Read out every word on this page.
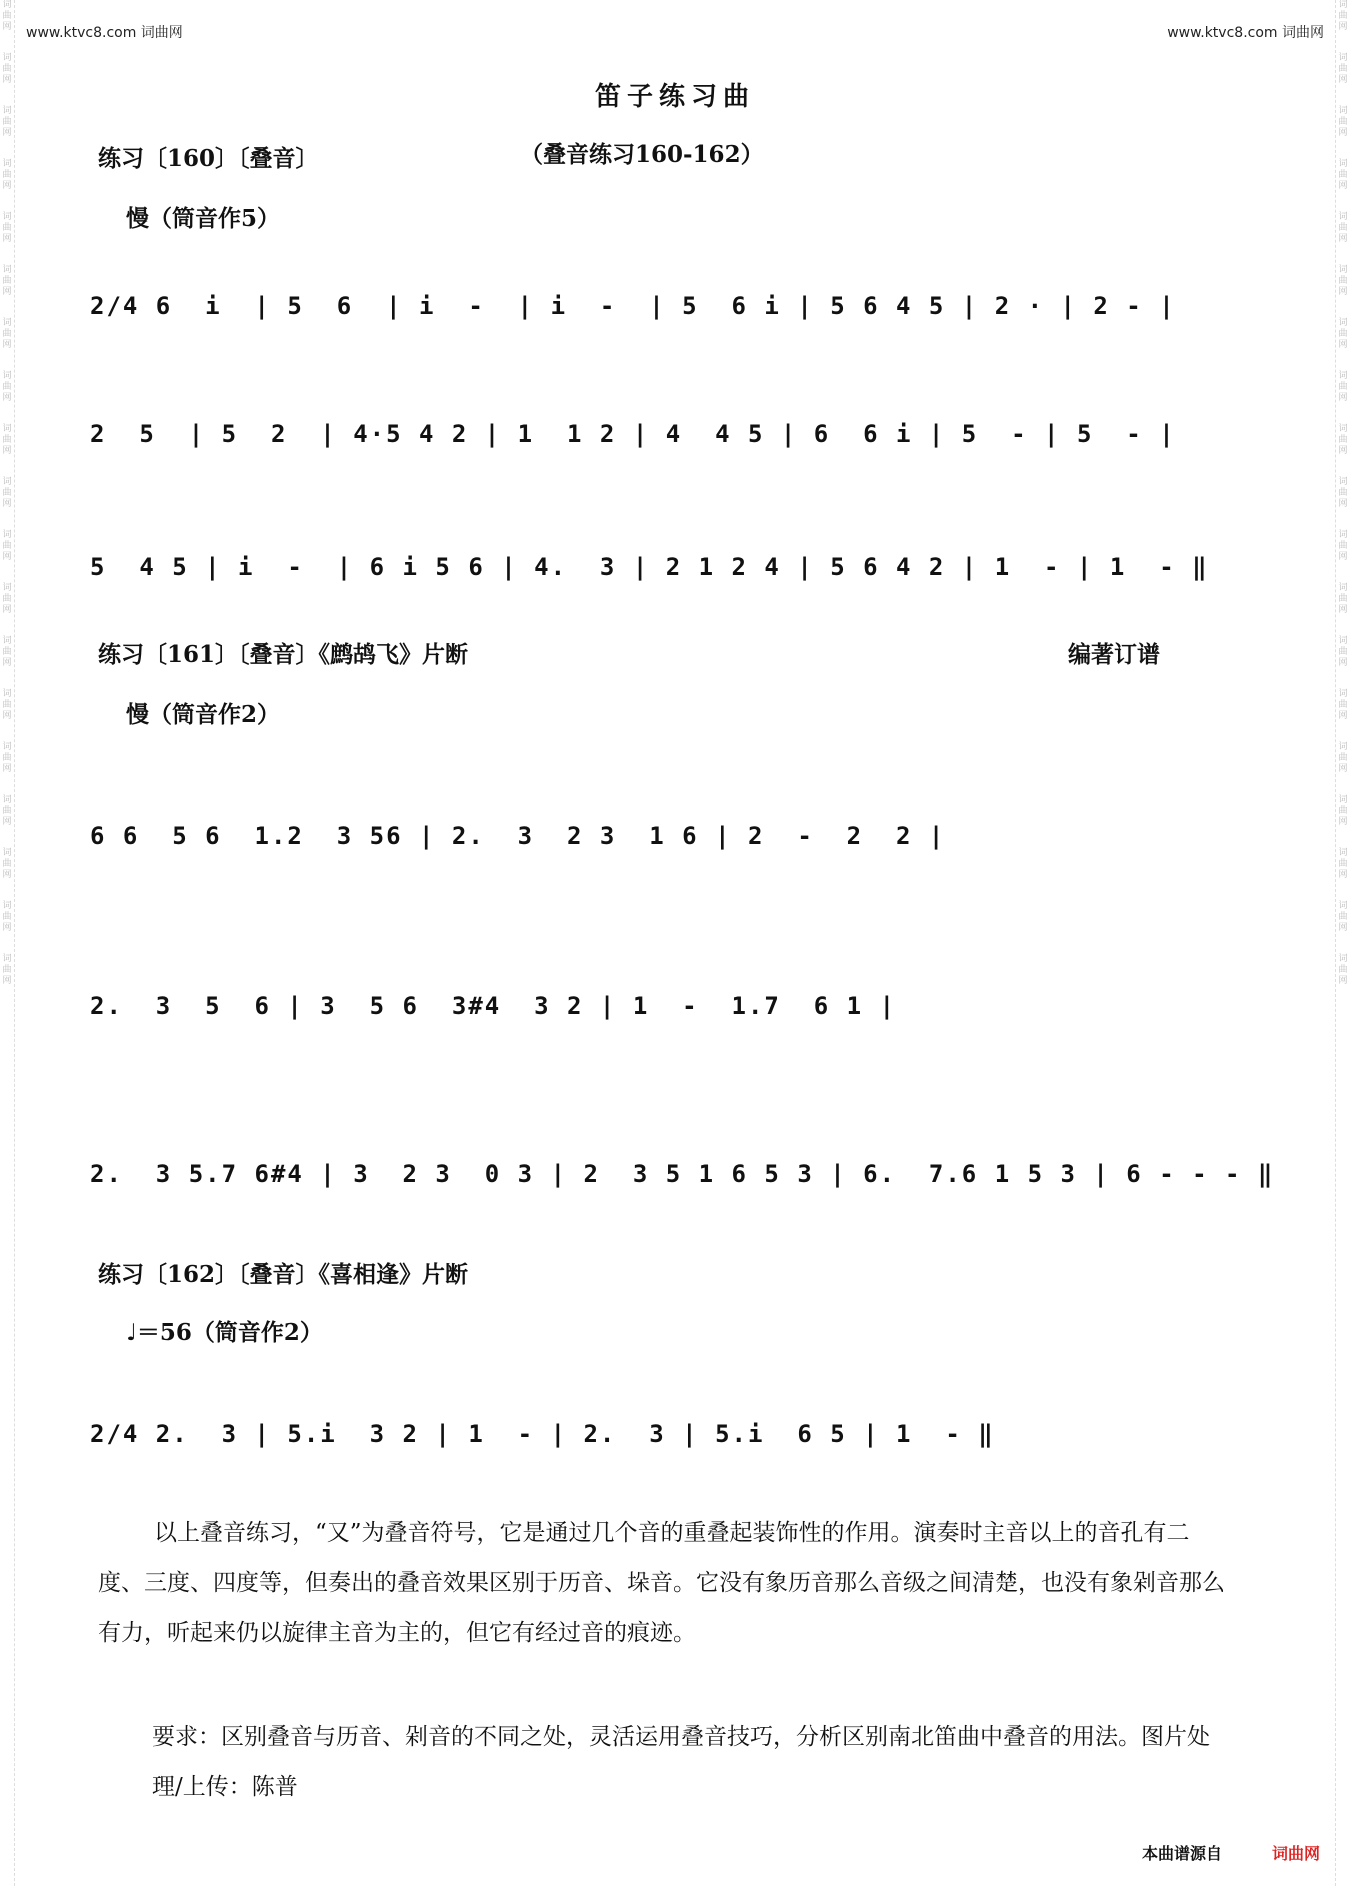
词
曲
网
词
曲
网
词
曲
网
词
曲
网
词
曲
网
词
曲
网
词
曲
网
词
曲
网
词
曲
网
词
曲
网
词
曲
网
词
曲
网
词
曲
网
词
曲
网
词
曲
网
词
曲
网
词
曲
网
词
曲
网
词
曲
网
词
曲
网
词
曲
网
词
曲
网
词
曲
网
词
曲
网
词
曲
网
词
曲
网
词
曲
网
词
曲
网
词
曲
网
词
曲
网
词
曲
网
词
曲
网
词
曲
网
词
曲
网
词
曲
网
词
曲
网
词
曲
网
词
曲
网
www.ktvc8.com 词曲网	www.ktvc8.com 词曲网
笛子练习曲
练习〔160〕〔叠音〕	（叠音练习160-162）
慢（筒音作5）
2/4 6  i  | 5  6  | i  -  | i  -  | 5  6 i | 5 6 4 5 | 2 · | 2 - |
2  5  | 5  2  | 4·5 4 2 | 1  1 2 | 4  4 5 | 6  6 i | 5  - | 5  - |
5  4 5 | i  -  | 6 i 5 6 | 4.  3 | 2 1 2 4 | 5 6 4 2 | 1  - | 1  - ‖
练习〔161〕〔叠音〕《鹧鸪飞》片断	编著订谱
慢（筒音作2）
6 6  5 6  1.2  3 56 | 2.  3  2 3  1 6 | 2  -  2  2 |
2.  3  5  6 | 3  5 6  3#4  3 2 | 1  -  1.7  6 1 |
2.  3 5.7 6#4 | 3  2 3  0 3 | 2  3 5 1 6 5 3 | 6.  7.6 1 5 3 | 6 - - - ‖
练习〔162〕〔叠音〕《喜相逢》片断
♩＝56（筒音作2）
2/4 2.  3 | 5.i  3 2 | 1  - | 2.  3 | 5.i  6 5 | 1  - ‖
以上叠音练习，“又”为叠音符号，它是通过几个音的重叠起装饰性的作用。演奏时主音以上的音孔有二度、三度、四度等，但奏出的叠音效果区别于历音、垛音。它没有象历音那么音级之间清楚，也没有象剁音那么有力，听起来仍以旋律主音为主的，但它有经过音的痕迹。
要求：区别叠音与历音、剁音的不同之处，灵活运用叠音技巧，分析区别南北笛曲中叠音的用法。图片处理/上传：陈普
本曲谱源自	词曲网
